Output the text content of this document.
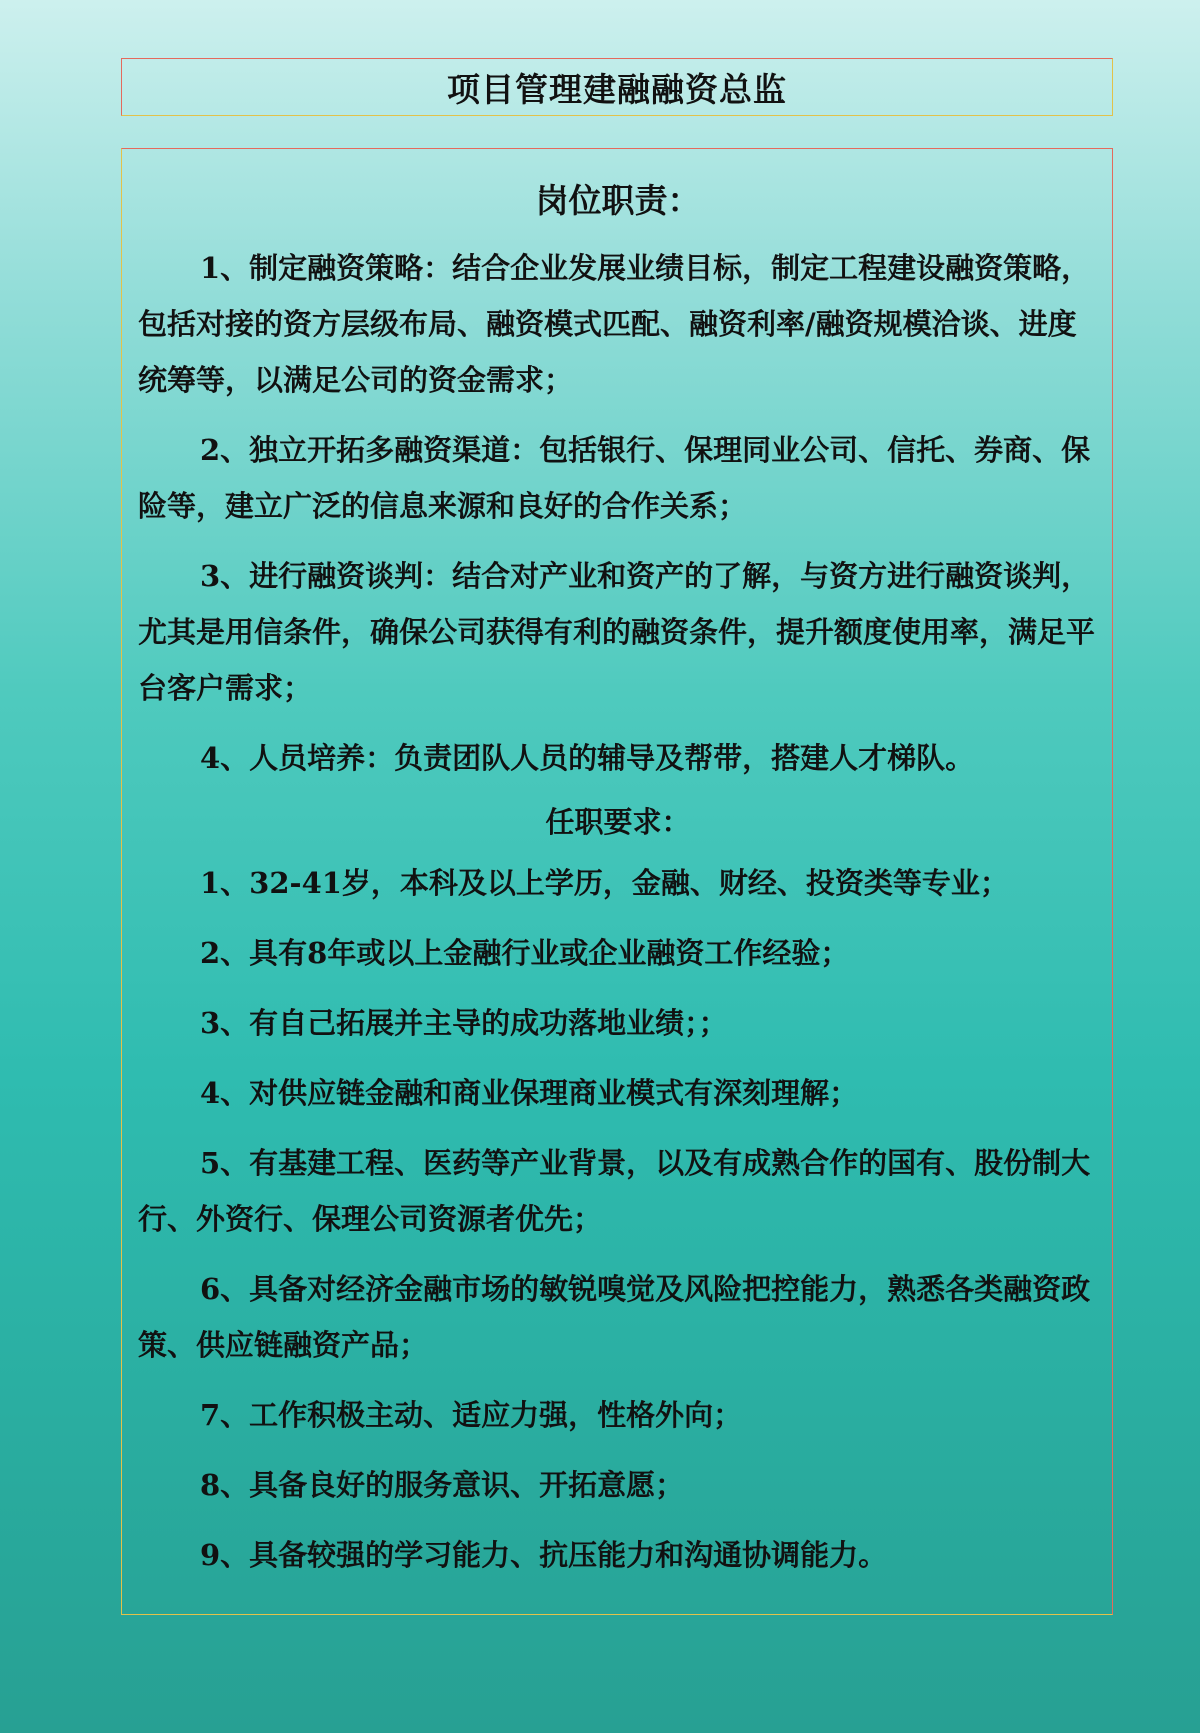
项目管理建融融资总监

岗位职责：

1、制定融资策略：结合企业发展业绩目标，制定工程建设融资策略，包括对接的资方层级布局、融资模式匹配、融资利率/融资规模洽谈、进度统筹等，以满足公司的资金需求；

2、独立开拓多融资渠道：包括银行、保理同业公司、信托、券商、保险等，建立广泛的信息来源和良好的合作关系；

3、进行融资谈判：结合对产业和资产的了解，与资方进行融资谈判，尤其是用信条件，确保公司获得有利的融资条件，提升额度使用率，满足平台客户需求；

4、人员培养：负责团队人员的辅导及帮带，搭建人才梯队。

任职要求：

1、32-41岁，本科及以上学历，金融、财经、投资类等专业；

2、具有8年或以上金融行业或企业融资工作经验；

3、有自己拓展并主导的成功落地业绩；；

4、对供应链金融和商业保理商业模式有深刻理解；

5、有基建工程、医药等产业背景，以及有成熟合作的国有、股份制大行、外资行、保理公司资源者优先；

6、具备对经济金融市场的敏锐嗅觉及风险把控能力，熟悉各类融资政策、供应链融资产品；

7、工作积极主动、适应力强，性格外向；

8、具备良好的服务意识、开拓意愿；

9、具备较强的学习能力、抗压能力和沟通协调能力。
